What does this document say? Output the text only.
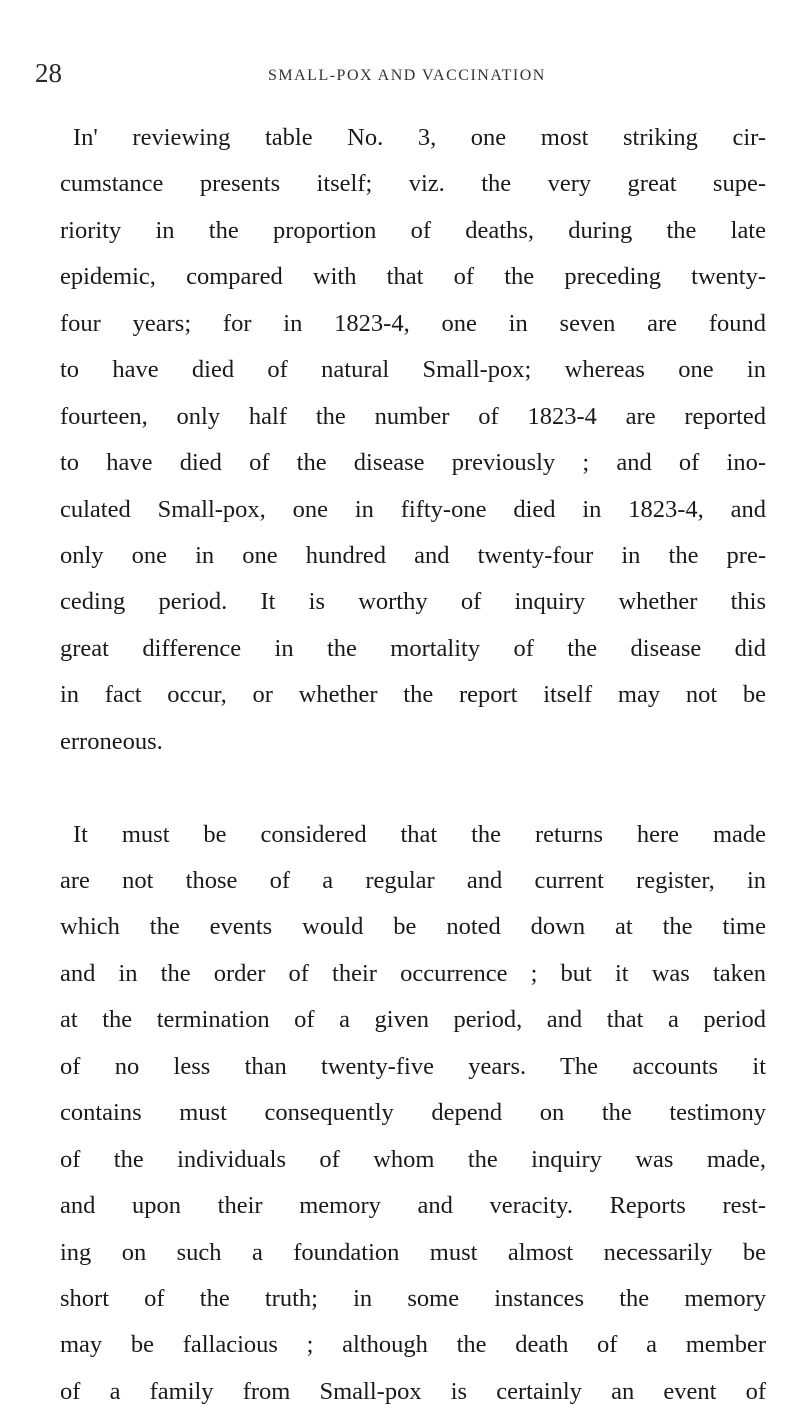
28	SMALL-POX AND VACCINATION
In' reviewing table No. 3, one most striking cir-
cumstance presents itself; viz. the very great supe-
riority in the proportion of deaths, during the late
epidemic, compared with that of the preceding twenty-
four years; for in 1823-4, one in seven are found
to have died of natural Small-pox; whereas one in
fourteen, only half the number of 1823-4 are reported
to have died of the disease previously ; and of ino-
culated Small-pox, one in fifty-one died in 1823-4, and
only one in one hundred and twenty-four in the pre-
ceding period. It is worthy of inquiry whether this
great difference in the mortality of the disease did
in fact occur, or whether the report itself may not be
erroneous.
It must be considered that the returns here made
are not those of a regular and current register, in
which the events would be noted down at the time
and in the order of their occurrence ; but it was taken
at the termination of a given period, and that a period
of no less than twenty-five years. The accounts it
contains must consequently depend on the testimony
of the individuals of whom the inquiry was made,
and upon their memory and veracity. Reports rest-
ing on such a foundation must almost necessarily be
short of the truth; in some instances the memory
may be fallacious ; although the death of a member
of a family from Small-pox is certainly an event of
